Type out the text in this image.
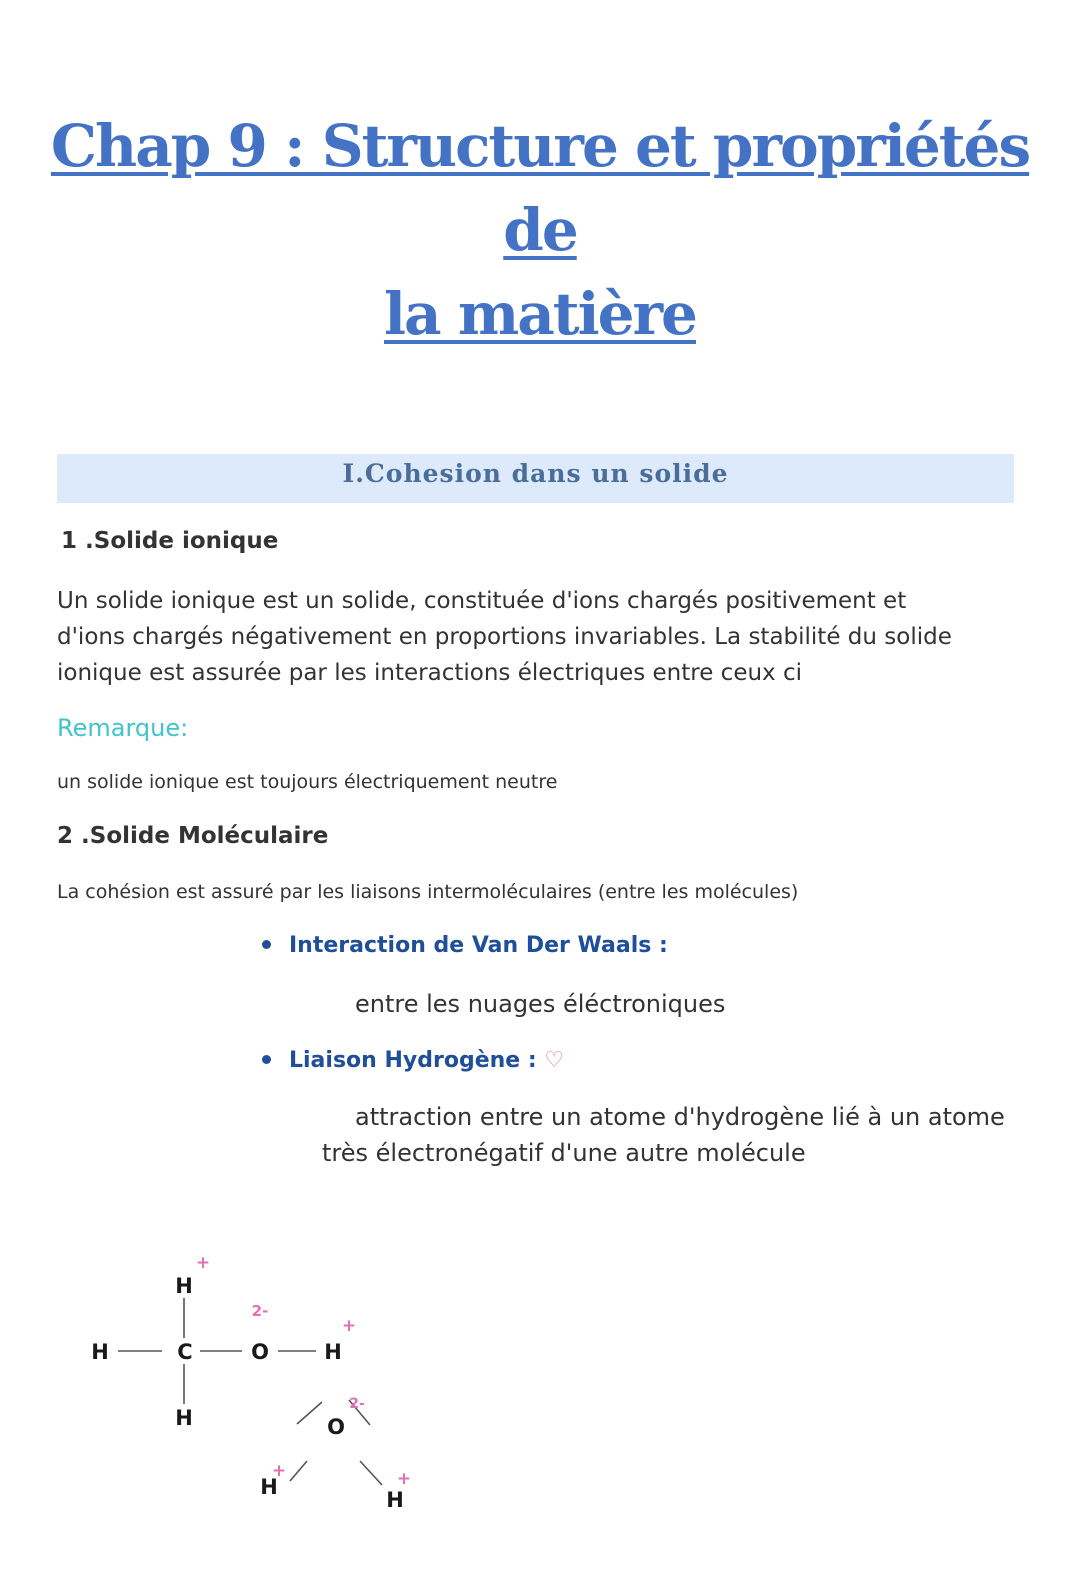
Chap 9 : Structure et propriétés de
la matière
I.Cohesion dans un solide
1 .Solide ionique
Un solide ionique est un solide, constituée d'ions chargés positivement et
d'ions chargés négativement en proportions invariables. La stabilité du solide
ionique est assurée par les interactions électriques entre ceux ci
Remarque:
un solide ionique est toujours électriquement neutre
2 .Solide Moléculaire
La cohésion est assuré par les liaisons intermoléculaires (entre les molécules)
Interaction de Van Der Waals :
entre les nuages éléctroniques
Liaison Hydrogène : ♡
attraction entre un atome d'hydrogène lié à un atome
très électronégatif d'une autre molécule
H
H	C	O	H
H	O
H
H
+
2-
+
2-
+	+
